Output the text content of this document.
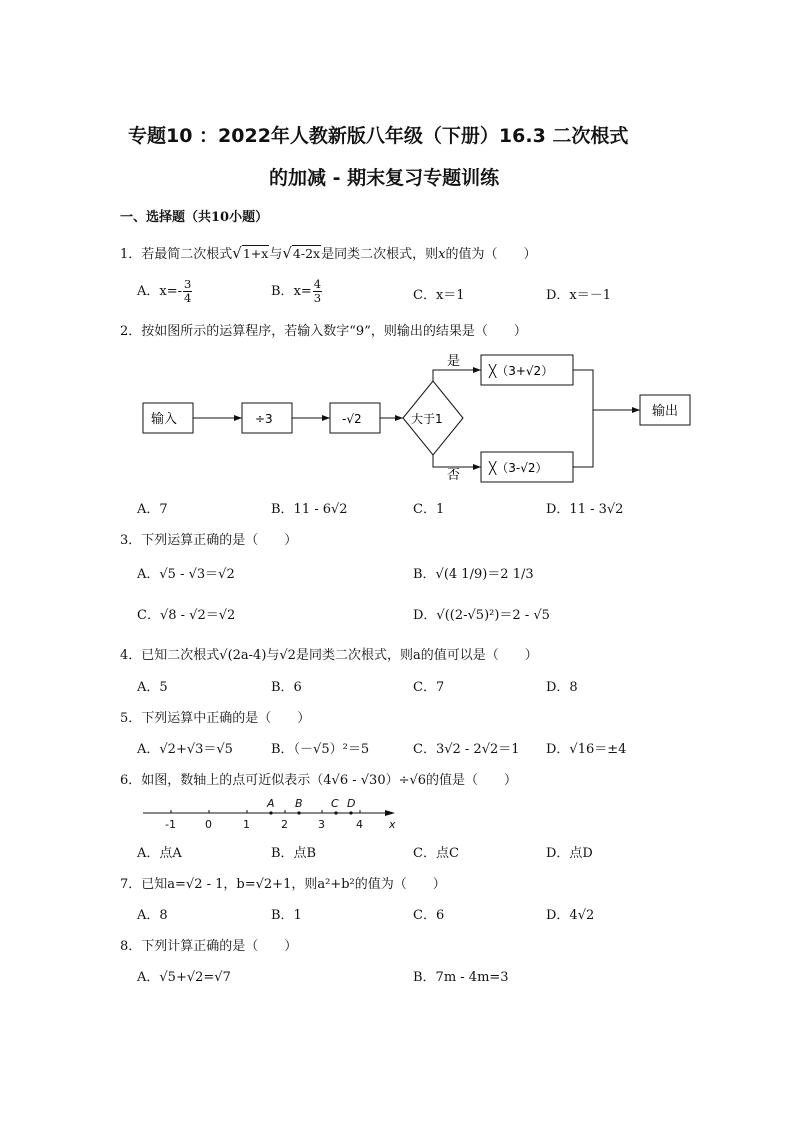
专题10 ：2022年人教新版八年级（下册）16.3 二次根式
的加减 - 期末复习专题训练
一、选择题（共10小题）
1．若最简二次根式√1+x与√4-2x是同类二次根式，则x的值为（　　）
A．$x=- \frac{3}{4}$	B．$x= \frac{4}{3}$	C．x＝1	D．x＝－1
2．按如图所示的运算程序，若输入数字“9”，则输出的结果是（　　）
输入	÷3	-√2	大于1
是
否
╳（3+√2）
╳（3-√2）
输出
A．7	B．11 - 6√2	C．1	D．11 - 3√2
3．下列运算正确的是（　　）
A．√5 - √3＝√2	B．√(4 1/9)＝2 1/3
C．√8 - √2＝√2	D．√((2-√5)²)＝2 - √5
4．已知二次根式√(2a-4)与√2是同类二次根式，则a的值可以是（　　）
A．5	B．6	C．7	D．8
5．下列运算中正确的是（　　）
A．√2+√3＝√5	B．（－√5）²＝5	C．3√2 - 2√2＝1 D．√16＝±4
6．如图，数轴上的点可近似表示（4√6 - √30）÷√6的值是（　　）
A B	C D
x
-1	0	1	2	3	4
A．点A	B．点B	C．点C	D．点D
7．已知a=√2 - 1，b=√2+1，则a²+b²的值为（　　）
A．8	B．1	C．6	D．4√2
8．下列计算正确的是（　　）
A．√5+√2=√7	B．7m - 4m=3
